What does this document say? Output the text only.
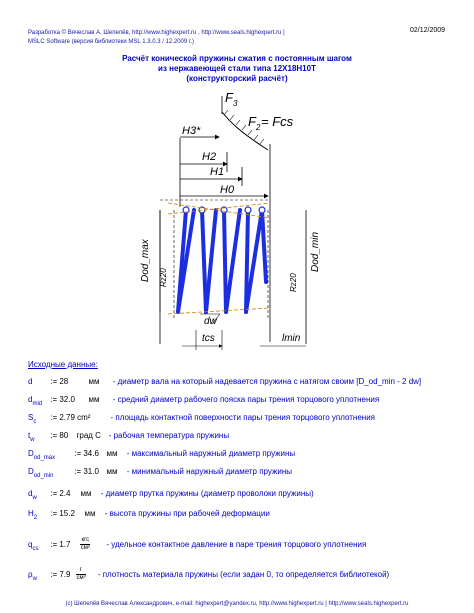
Разработка © Вячеслав А. Шепелёв, http://www.highexpert.ru , http://www.seals.highexpert.ru |
MSLC Software (версия библиотеки MSL 1.3.0.3 / 12.2009 г.)
02/12/2009
Расчёт конической пружины сжатия с постоянным шагом
из нержавеющей стали типа 12Х18Н10Т
(конструкторский расчёт)
F 3
F 2 = Fcs
H3*
H2
H1
H0
Dod_max Rz20
Dod_min
Rz20
dw
tcs	lmin
Исходные данные:
d := 28	мм - диаметр вала на который надевается пружина с натягом своим [D_od_min - 2 dw]
$d_{mid}$ := 32.0 мм - средний диаметр рабочего пояска пары трения торцового уплотнения
$S_c$ := 2.79 cm² - площадь контактной поверхности пары трения торцового уплотнения
$t_w$ := 80 град С - рабочая температура пружины
$D_{od\_max}$ := 34.6 мм - максимальный наружный диаметр пружины
$D_{od\_min}$	:= 31.0 мм - минимальный наружный диаметр пружины
$d_w$ := 2.4 мм - диаметр прутка пружины (диаметр проволоки пружины)
$H_2$ := 15.2 мм - высота пружины при рабочей деформации
$q_{cs}$ := $1.7 \frac{\text{кгс}}{\text{см²}}$ - удельное контактное давление в паре трения торцового уплотнения
$\rho_w$ := $7.9 \frac{г}{\text{см³}}$ - плотность материала пружины (если задан 0, то определяется библиотекой)
(c) Шепелёв Вячеслав Александрович, e-mail: highexpert@yandex.ru, http://www.highexpert.ru | http://www.seals.highexpert.ru
